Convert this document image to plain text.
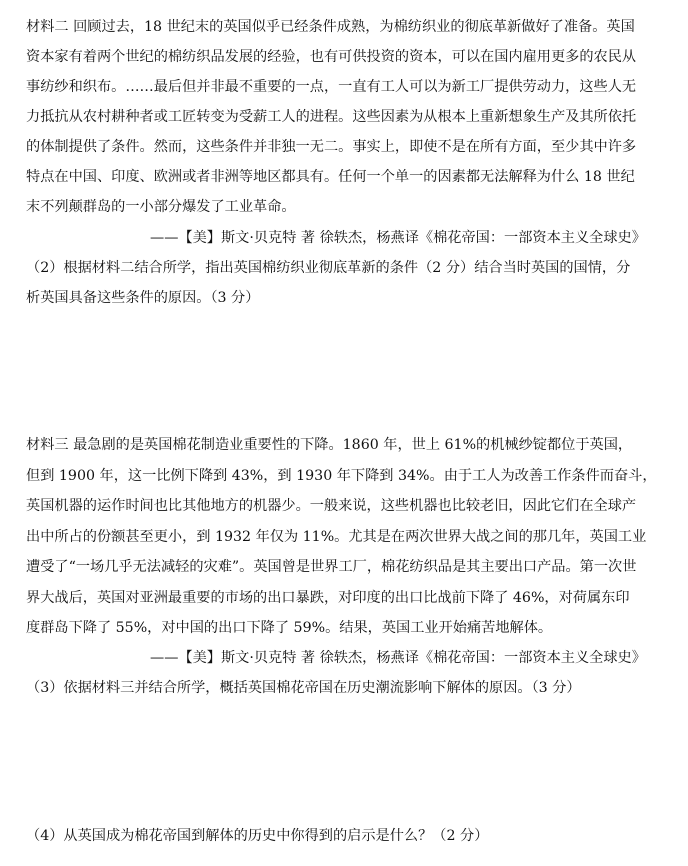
材料二 回顾过去，18 世纪末的英国似乎已经条件成熟，为棉纺织业的彻底革新做好了准备。英国
资本家有着两个世纪的棉纺织品发展的经验，也有可供投资的资本，可以在国内雇用更多的农民从
事纺纱和织布。……最后但并非最不重要的一点，一直有工人可以为新工厂提供劳动力，这些人无
力抵抗从农村耕种者或工匠转变为受薪工人的进程。这些因素为从根本上重新想象生产及其所依托
的体制提供了条件。然而，这些条件并非独一无二。事实上，即使不是在所有方面，至少其中许多
特点在中国、印度、欧洲或者非洲等地区都具有。任何一个单一的因素都无法解释为什么 18 世纪
末不列颠群岛的一小部分爆发了工业革命。
——【美】斯文·贝克特 著 徐轶杰，杨燕译《棉花帝国：一部资本主义全球史》
（2）根据材料二结合所学，指出英国棉纺织业彻底革新的条件（2 分）结合当时英国的国情，分
析英国具备这些条件的原因。（3 分）
材料三 最急剧的是英国棉花制造业重要性的下降。1860 年，世上 61%的机械纱锭都位于英国，
但到 1900 年，这一比例下降到 43%，到 1930 年下降到 34%。由于工人为改善工作条件而奋斗，
英国机器的运作时间也比其他地方的机器少。一般来说，这些机器也比较老旧，因此它们在全球产
出中所占的份额甚至更小，到 1932 年仅为 11%。尤其是在两次世界大战之间的那几年，英国工业
遭受了“一场几乎无法减轻的灾难”。英国曾是世界工厂，棉花纺织品是其主要出口产品。第一次世
界大战后，英国对亚洲最重要的市场的出口暴跌，对印度的出口比战前下降了 46%，对荷属东印
度群岛下降了 55%，对中国的出口下降了 59%。结果，英国工业开始痛苦地解体。
——【美】斯文·贝克特 著 徐轶杰，杨燕译《棉花帝国：一部资本主义全球史》
（3）依据材料三并结合所学，概括英国棉花帝国在历史潮流影响下解体的原因。（3 分）
（4）从英国成为棉花帝国到解体的历史中你得到的启示是什么？（2 分）
